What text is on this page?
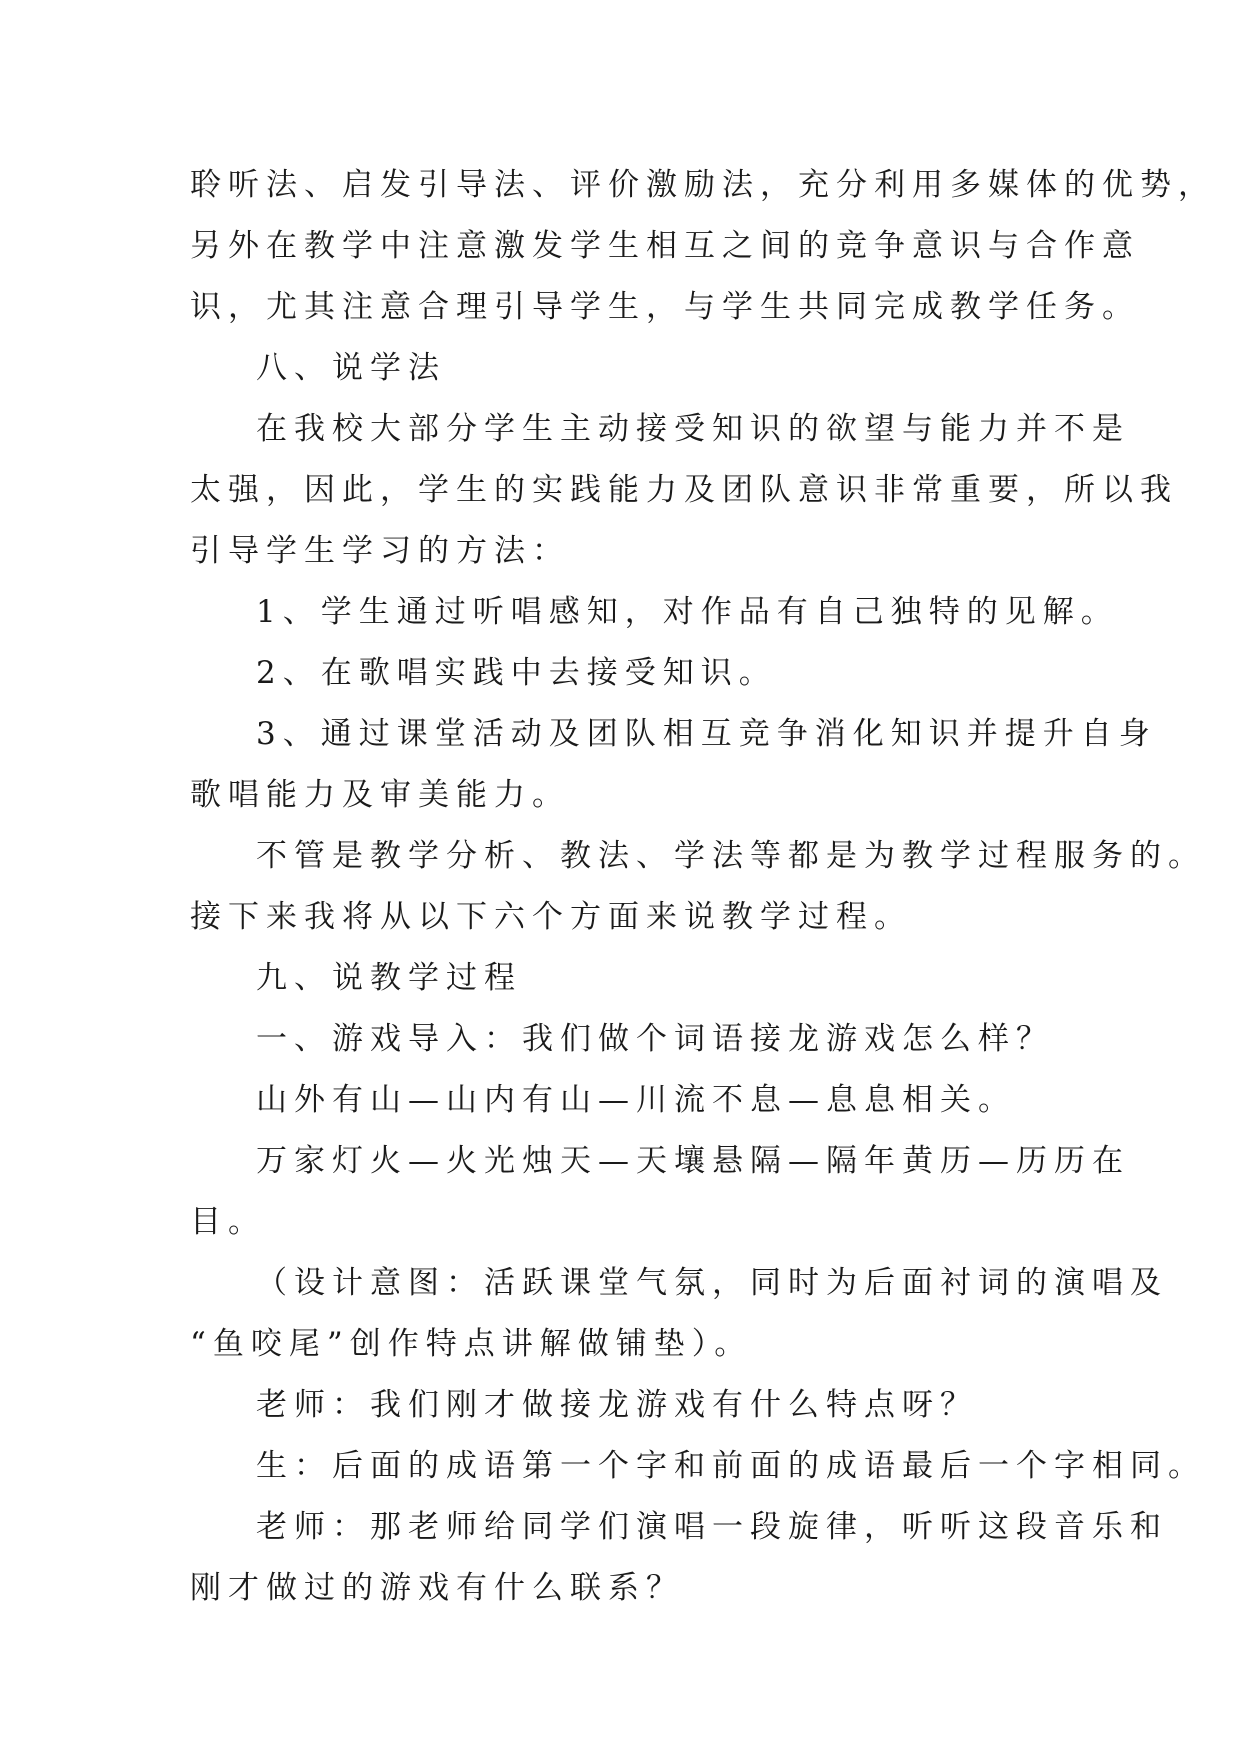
聆听法、启发引导法、评价激励法，充分利用多媒体的优势，
另外在教学中注意激发学生相互之间的竞争意识与合作意
识，尤其注意合理引导学生，与学生共同完成教学任务。
八、说学法
在我校大部分学生主动接受知识的欲望与能力并不是
太强，因此，学生的实践能力及团队意识非常重要，所以我
引导学生学习的方法：
1、学生通过听唱感知，对作品有自己独特的见解。
2、在歌唱实践中去接受知识。
3、通过课堂活动及团队相互竞争消化知识并提升自身
歌唱能力及审美能力。
不管是教学分析、教法、学法等都是为教学过程服务的。
接下来我将从以下六个方面来说教学过程。
九、说教学过程
一、游戏导入：我们做个词语接龙游戏怎么样？
山外有山—山内有山—川流不息—息息相关。
万家灯火—火光烛天—天壤悬隔—隔年黄历—历历在
目。
（设计意图：活跃课堂气氛，同时为后面衬词的演唱及
“鱼咬尾”创作特点讲解做铺垫）。
老师：我们刚才做接龙游戏有什么特点呀？
生：后面的成语第一个字和前面的成语最后一个字相同。
老师：那老师给同学们演唱一段旋律，听听这段音乐和
刚才做过的游戏有什么联系？
